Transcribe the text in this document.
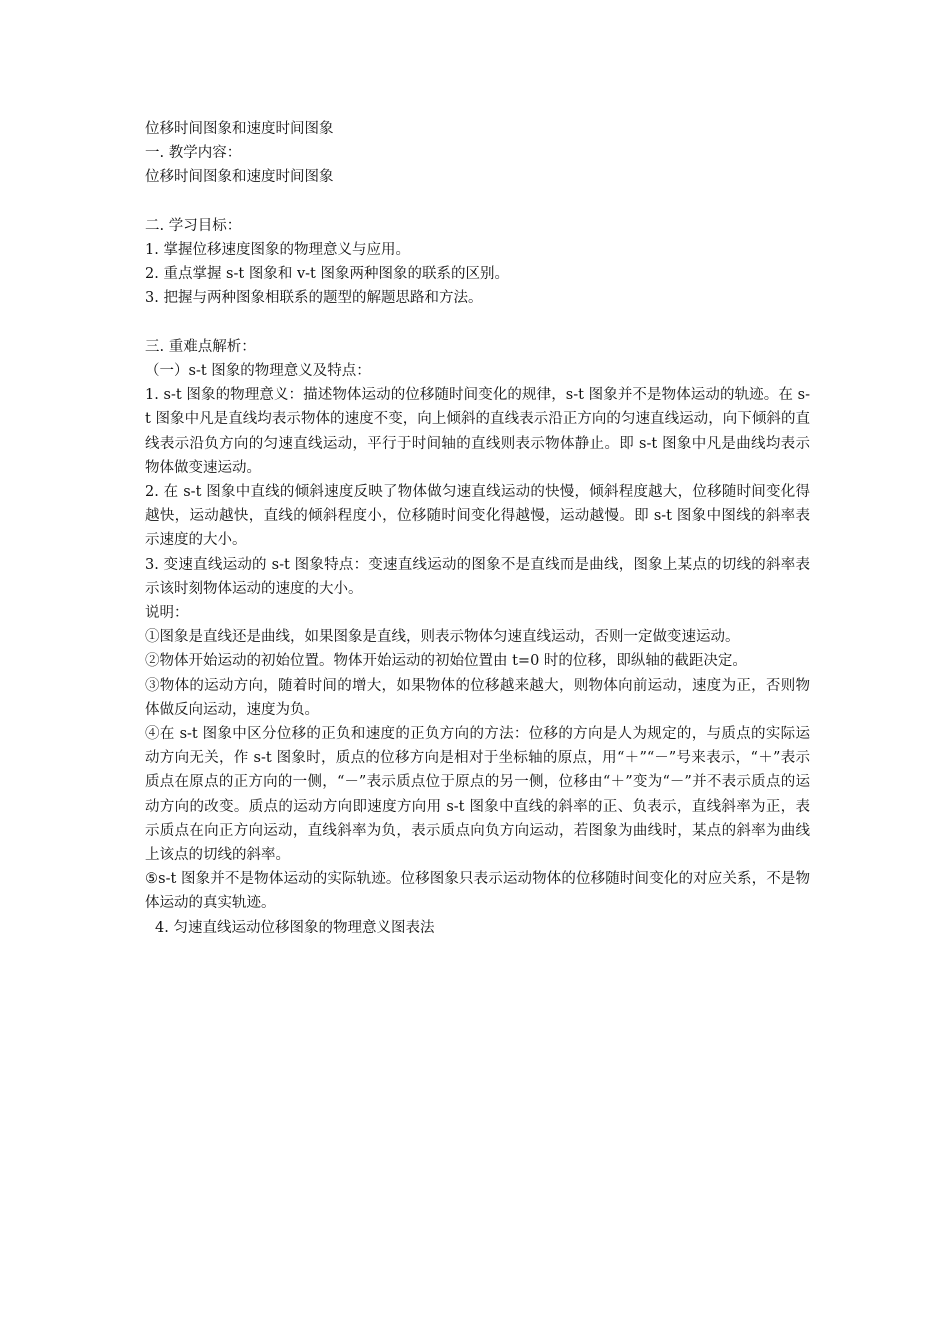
位移时间图象和速度时间图象
一. 教学内容：
位移时间图象和速度时间图象
二. 学习目标：
1. 掌握位移速度图象的物理意义与应用。
2. 重点掌握 s-t 图象和 v-t 图象两种图象的联系的区别。
3. 把握与两种图象相联系的题型的解题思路和方法。
三. 重难点解析：
（一）s-t 图象的物理意义及特点：
1. s-t 图象的物理意义：描述物体运动的位移随时间变化的规律，s-t 图象并不是物体运动的轨迹。在 s-t 图象中凡是直线均表示物体的速度不变，向上倾斜的直线表示沿正方向的匀速直线运动，向下倾斜的直线表示沿负方向的匀速直线运动，平行于时间轴的直线则表示物体静止。即 s-t 图象中凡是曲线均表示物体做变速运动。
2. 在 s-t 图象中直线的倾斜速度反映了物体做匀速直线运动的快慢，倾斜程度越大，位移随时间变化得越快，运动越快，直线的倾斜程度小，位移随时间变化得越慢，运动越慢。即 s-t 图象中图线的斜率表示速度的大小。
3. 变速直线运动的 s-t 图象特点：变速直线运动的图象不是直线而是曲线，图象上某点的切线的斜率表示该时刻物体运动的速度的大小。
说明：
①图象是直线还是曲线，如果图象是直线，则表示物体匀速直线运动，否则一定做变速运动。
②物体开始运动的初始位置。物体开始运动的初始位置由 t=0 时的位移，即纵轴的截距决定。
③物体的运动方向，随着时间的增大，如果物体的位移越来越大，则物体向前运动，速度为正，否则物体做反向运动，速度为负。
④在 s-t 图象中区分位移的正负和速度的正负方向的方法：位移的方向是人为规定的，与质点的实际运动方向无关，作 s-t 图象时，质点的位移方向是相对于坐标轴的原点，用“＋”“－”号来表示，“＋”表示质点在原点的正方向的一侧，“－”表示质点位于原点的另一侧，位移由“＋”变为“－”并不表示质点的运动方向的改变。质点的运动方向即速度方向用 s-t 图象中直线的斜率的正、负表示，直线斜率为正，表示质点在向正方向运动，直线斜率为负，表示质点向负方向运动，若图象为曲线时，某点的斜率为曲线上该点的切线的斜率。
⑤s-t 图象并不是物体运动的实际轨迹。位移图象只表示运动物体的位移随时间变化的对应关系，不是物体运动的真实轨迹。
4. 匀速直线运动位移图象的物理意义图表法
